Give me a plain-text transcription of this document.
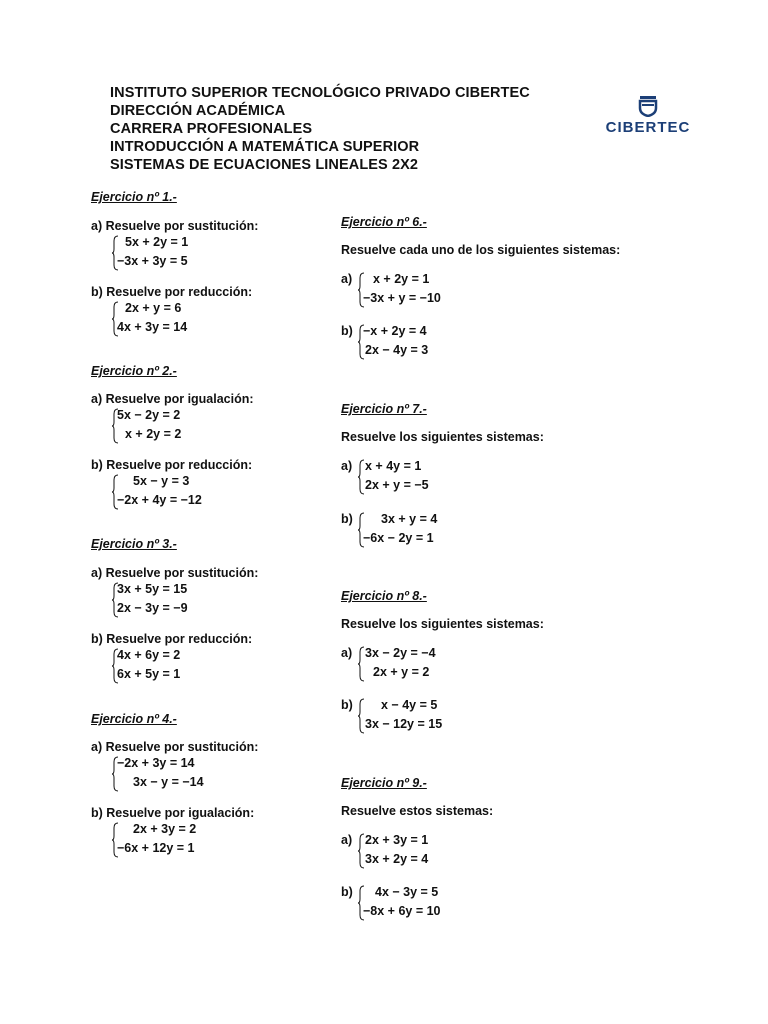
INSTITUTO SUPERIOR TECNOLÓGICO PRIVADO CIBERTEC
DIRECCIÓN ACADÉMICA
CARRERA PROFESIONALES
INTRODUCCIÓN A MATEMÁTICA SUPERIOR
SISTEMAS DE ECUACIONES LINEALES 2X2
CIBERTEC
Ejercicio nº 1.-
a) Resuelve por sustitución:
5x + 2y = 1
−3x + 3y = 5
b) Resuelve por reducción:
2x + y = 6
4x + 3y = 14
Ejercicio nº 2.-
a) Resuelve por igualación:
5x − 2y = 2
x + 2y = 2
b) Resuelve por reducción:
5x − y = 3
−2x + 4y = −12
Ejercicio nº 3.-
a) Resuelve por sustitución:
3x + 5y = 15
2x − 3y = −9
b) Resuelve por reducción:
4x + 6y = 2
6x + 5y = 1
Ejercicio nº 4.-
a) Resuelve por sustitución:
−2x + 3y = 14
3x − y = −14
b) Resuelve por igualación:
2x + 3y = 2
−6x + 12y = 1
Ejercicio nº 6.-
Resuelve cada uno de los siguientes sistemas:
a) x + 2y = 1
−3x + y = −10
b) −x + 2y = 4
2x − 4y = 3
Ejercicio nº 7.-
Resuelve los siguientes sistemas:
a) x + 4y = 1
2x + y = −5
b) 3x + y = 4
−6x − 2y = 1
Ejercicio nº 8.-
Resuelve los siguientes sistemas:
a) 3x − 2y = −4
2x + y = 2
b) x − 4y = 5
3x − 12y = 15
Ejercicio nº 9.-
Resuelve estos sistemas:
a) 2x + 3y = 1
3x + 2y = 4
b) 4x − 3y = 5
−8x + 6y = 10
